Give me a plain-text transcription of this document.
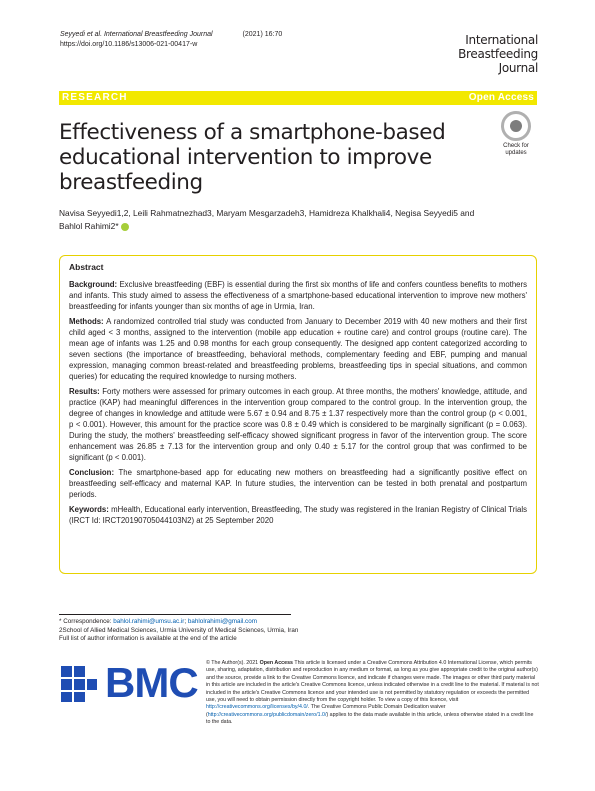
Seyyedi et al. International Breastfeeding Journal	(2021) 16:70
https://doi.org/10.1186/s13006-021-00417-w	International Breastfeeding
Journal
RESEARCH	Open Access
Effectiveness of a smartphone-based educational intervention to improve breastfeeding
Check for
updates
Navisa Seyyedi1,2, Leili Rahmatnezhad3, Maryam Mesgarzadeh3, Hamidreza Khalkhali4, Negisa Seyyedi5 and
Bahlol Rahimi2*
Abstract

Background: Exclusive breastfeeding (EBF) is essential during the first six months of life and confers countless benefits to mothers and infants. This study aimed to assess the effectiveness of a smartphone-based educational intervention to improve new mothers' breastfeeding for infants younger than six months of age in Urmia, Iran.

Methods: A randomized controlled trial study was conducted from January to December 2019 with 40 new mothers and their first child aged < 3 months, assigned to the intervention (mobile app education + routine care) and control groups (routine care). The mean age of infants was 1.25 and 0.98 months for each group consequently. The designed app content categorized according to seven sections (the importance of breastfeeding, behavioral methods, complementary feeding and EBF, pumping and manual expression, managing common breast-related and breastfeeding problems, breastfeeding tips in special situations, and common queries) for educating the required knowledge to nursing mothers.

Results: Forty mothers were assessed for primary outcomes in each group. At three months, the mothers' knowledge, attitude, and practice (KAP) had meaningful differences in the intervention group compared to the control group. In the intervention group, the degree of changes in knowledge and attitude were 5.67 ± 0.94 and 8.75 ± 1.37 respectively more than the control group (p < 0.001, p < 0.001). However, this amount for the practice score was 0.8 ± 0.49 which is considered to be marginally significant (p = 0.063). During the study, the mothers' breastfeeding self-efficacy showed significant progress in favor of the intervention group. The score enhancement was 26.85 ± 7.13 for the intervention group and only 0.40 ± 5.17 for the control group that was confirmed to be significant (p < 0.001).

Conclusion: The smartphone-based app for educating new mothers on breastfeeding had a significantly positive effect on breastfeeding self-efficacy and maternal KAP. In future studies, the intervention can be tested in both prenatal and postpartum periods.

Keywords: mHealth, Educational early intervention, Breastfeeding, The study was registered in the Iranian Registry of Clinical Trials (IRCT Id: IRCT20190705044103N2) at 25 September 2020

* Correspondence: bahlol.rahimi@umsu.ac.ir; bahlolrahimi@gmail.com
2School of Allied Medical Sciences, Urmia University of Medical Sciences, Urmia, Iran
Full list of author information is available at the end of the article
BMC © The Author(s). 2021 Open Access This article is licensed under a Creative Commons Attribution 4.0 International License, which permits use, sharing, adaptation, distribution and reproduction in any medium or format, as long as you give appropriate credit to the original author(s) and the source, provide a link to the Creative Commons licence, and indicate if changes were made. The images or other third party material in this article are included in the article's Creative Commons licence, unless indicated otherwise in a credit line to the material. If material is not included in the article's Creative Commons licence and your intended use is not permitted by statutory regulation or exceeds the permitted use, you will need to obtain permission directly from the copyright holder. To view a copy of this licence, visit http://creativecommons.org/licenses/by/4.0/. The Creative Commons Public Domain Dedication waiver (http://creativecommons.org/publicdomain/zero/1.0/) applies to the data made available in this article, unless otherwise stated in a credit line to the data.
